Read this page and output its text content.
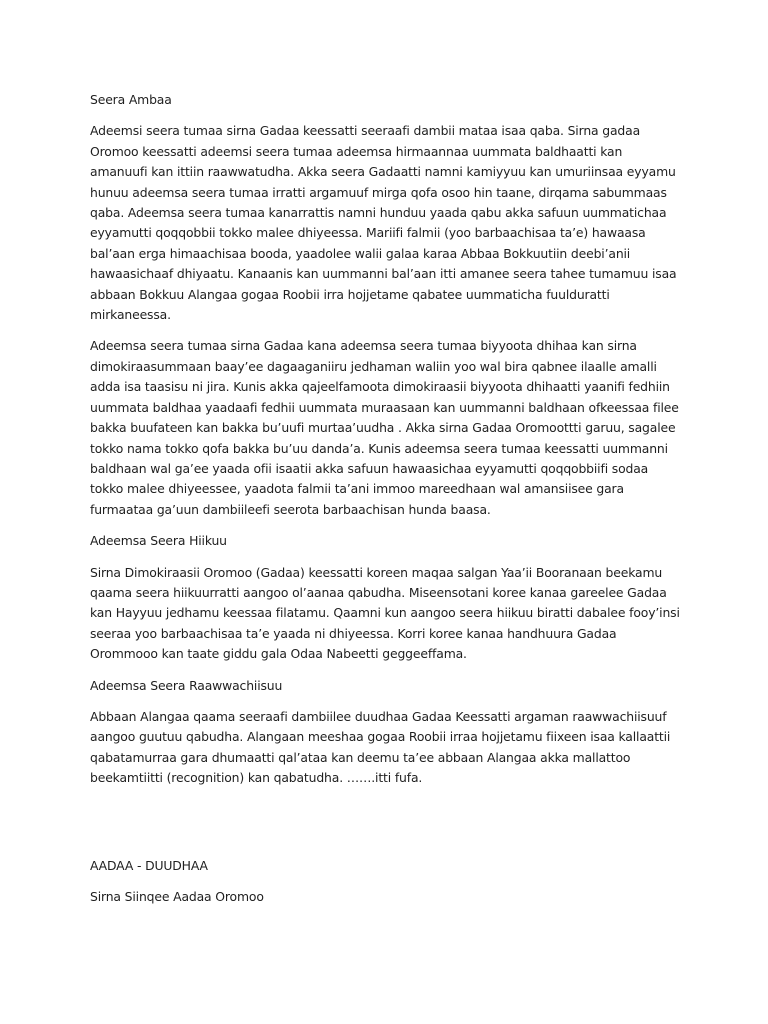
Seera Ambaa

Adeemsi seera tumaa sirna Gadaa keessatti seeraafi dambii mataa isaa qaba. Sirna gadaa Oromoo keessatti adeemsi seera tumaa adeemsa hirmaannaa uummata baldhaatti kan amanuufi kan ittiin raawwatudha. Akka seera Gadaatti namni kamiyyuu kan umuriinsaa eyyamu hunuu adeemsa seera tumaa irratti argamuuf mirga qofa osoo hin taane, dirqama sabummaas qaba. Adeemsa seera tumaa kanarrattis namni hunduu yaada qabu akka safuun uummatichaa eyyamutti qoqqobbii tokko malee dhiyeessa. Mariifi falmii (yoo barbaachisaa ta’e) hawaasa bal’aan erga himaachisaa booda, yaadolee walii galaa karaa Abbaa Bokkuutiin deebi’anii hawaasichaaf dhiyaatu. Kanaanis kan uummanni bal’aan itti amanee seera tahee tumamuu isaa abbaan Bokkuu Alangaa gogaa Roobii irra hojjetame qabatee uummaticha fuulduratti mirkaneessa.

Adeemsa seera tumaa sirna Gadaa kana adeemsa seera tumaa biyyoota dhihaa kan sirna dimokiraasummaan baay’ee dagaaganiiru jedhaman waliin yoo wal bira qabnee ilaalle amalli adda isa taasisu ni jira. Kunis akka qajeelfamoota dimokiraasii biyyoota dhihaatti yaanifi fedhiin uummata baldhaa yaadaafi fedhii uummata muraasaan kan uummanni baldhaan ofkeessaa filee bakka buufateen kan bakka bu’uufi murtaa’uudha . Akka sirna Gadaa Oromoottti garuu, sagalee tokko nama tokko qofa bakka bu’uu danda’a. Kunis adeemsa seera tumaa keessatti uummanni baldhaan wal ga’ee yaada ofii isaatii akka safuun hawaasichaa eyyamutti qoqqobbiifi sodaa tokko malee dhiyeessee, yaadota falmii ta’ani immoo mareedhaan wal amansiisee gara furmaataa ga’uun dambiileefi seerota barbaachisan hunda baasa.

Adeemsa Seera Hiikuu

Sirna Dimokiraasii Oromoo (Gadaa) keessatti koreen maqaa salgan Yaa’ii Booranaan beekamu qaama seera hiikuurratti aangoo ol’aanaa qabudha. Miseensotani koree kanaa gareelee Gadaa kan Hayyuu jedhamu keessaa filatamu. Qaamni kun aangoo seera hiikuu biratti dabalee fooy’insi seeraa yoo barbaachisaa ta’e yaada ni dhiyeessa. Korri koree kanaa handhuura Gadaa Orommooo kan taate giddu gala Odaa Nabeetti geggeeffama.

Adeemsa Seera Raawwachiisuu

Abbaan Alangaa qaama seeraafi dambiilee duudhaa Gadaa Keessatti argaman raawwachiisuuf aangoo guutuu qabudha. Alangaan meeshaa gogaa Roobii irraa hojjetamu fiixeen isaa kallaattii qabatamurraa gara dhumaatti qal’ataa kan deemu ta’ee abbaan Alangaa akka mallattoo beekamtiitti (recognition) kan qabatudha. …….itti fufa.

AADAA - DUUDHAA
Sirna Siinqee Aadaa Oromoo
